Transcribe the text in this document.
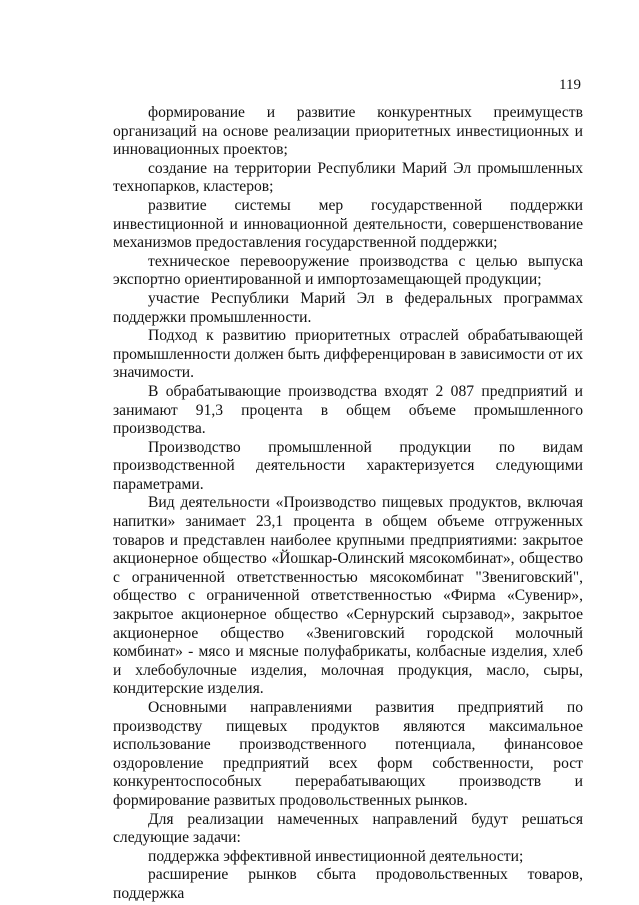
119

формирование и развитие конкурентных преимуществ организаций на основе реализации приоритетных инвестиционных и инновационных проектов;

создание на территории Республики Марий Эл промышленных технопарков, кластеров;

развитие системы мер государственной поддержки инвестиционной и инновационной деятельности, совершенствование механизмов предоставления государственной поддержки;

техническое перевооружение производства с целью выпуска экспортно ориентированной и импортозамещающей продукции;

участие Республики Марий Эл в федеральных программах поддержки промышленности.

Подход к развитию приоритетных отраслей обрабатывающей промышленности должен быть дифференцирован в зависимости от их значимости.

В обрабатывающие производства входят 2 087 предприятий и занимают 91,3 процента в общем объеме промышленного производства.

Производство промышленной продукции по видам производственной деятельности характеризуется следующими параметрами.

Вид деятельности «Производство пищевых продуктов, включая напитки» занимает 23,1 процента в общем объеме отгруженных товаров и представлен наиболее крупными предприятиями: закрытое акционерное общество «Йошкар-Олинский мясокомбинат», общество с ограниченной ответственностью мясокомбинат "Звениговский", общество с ограниченной ответственностью «Фирма «Сувенир», закрытое акционерное общество «Сернурский сырзавод», закрытое акционерное общество «Звениговский городской молочный комбинат» - мясо и мясные полуфабрикаты, колбасные изделия, хлеб и хлебобулочные изделия, молочная продукция, масло, сыры, кондитерские изделия.

Основными направлениями развития предприятий по производству пищевых продуктов являются максимальное использование производственного потенциала, финансовое оздоровление предприятий всех форм собственности, рост конкурентоспособных перерабатывающих производств и формирование развитых продовольственных рынков.

Для реализации намеченных направлений будут решаться следующие задачи:

поддержка эффективной инвестиционной деятельности;

расширение рынков сбыта продовольственных товаров, поддержка
